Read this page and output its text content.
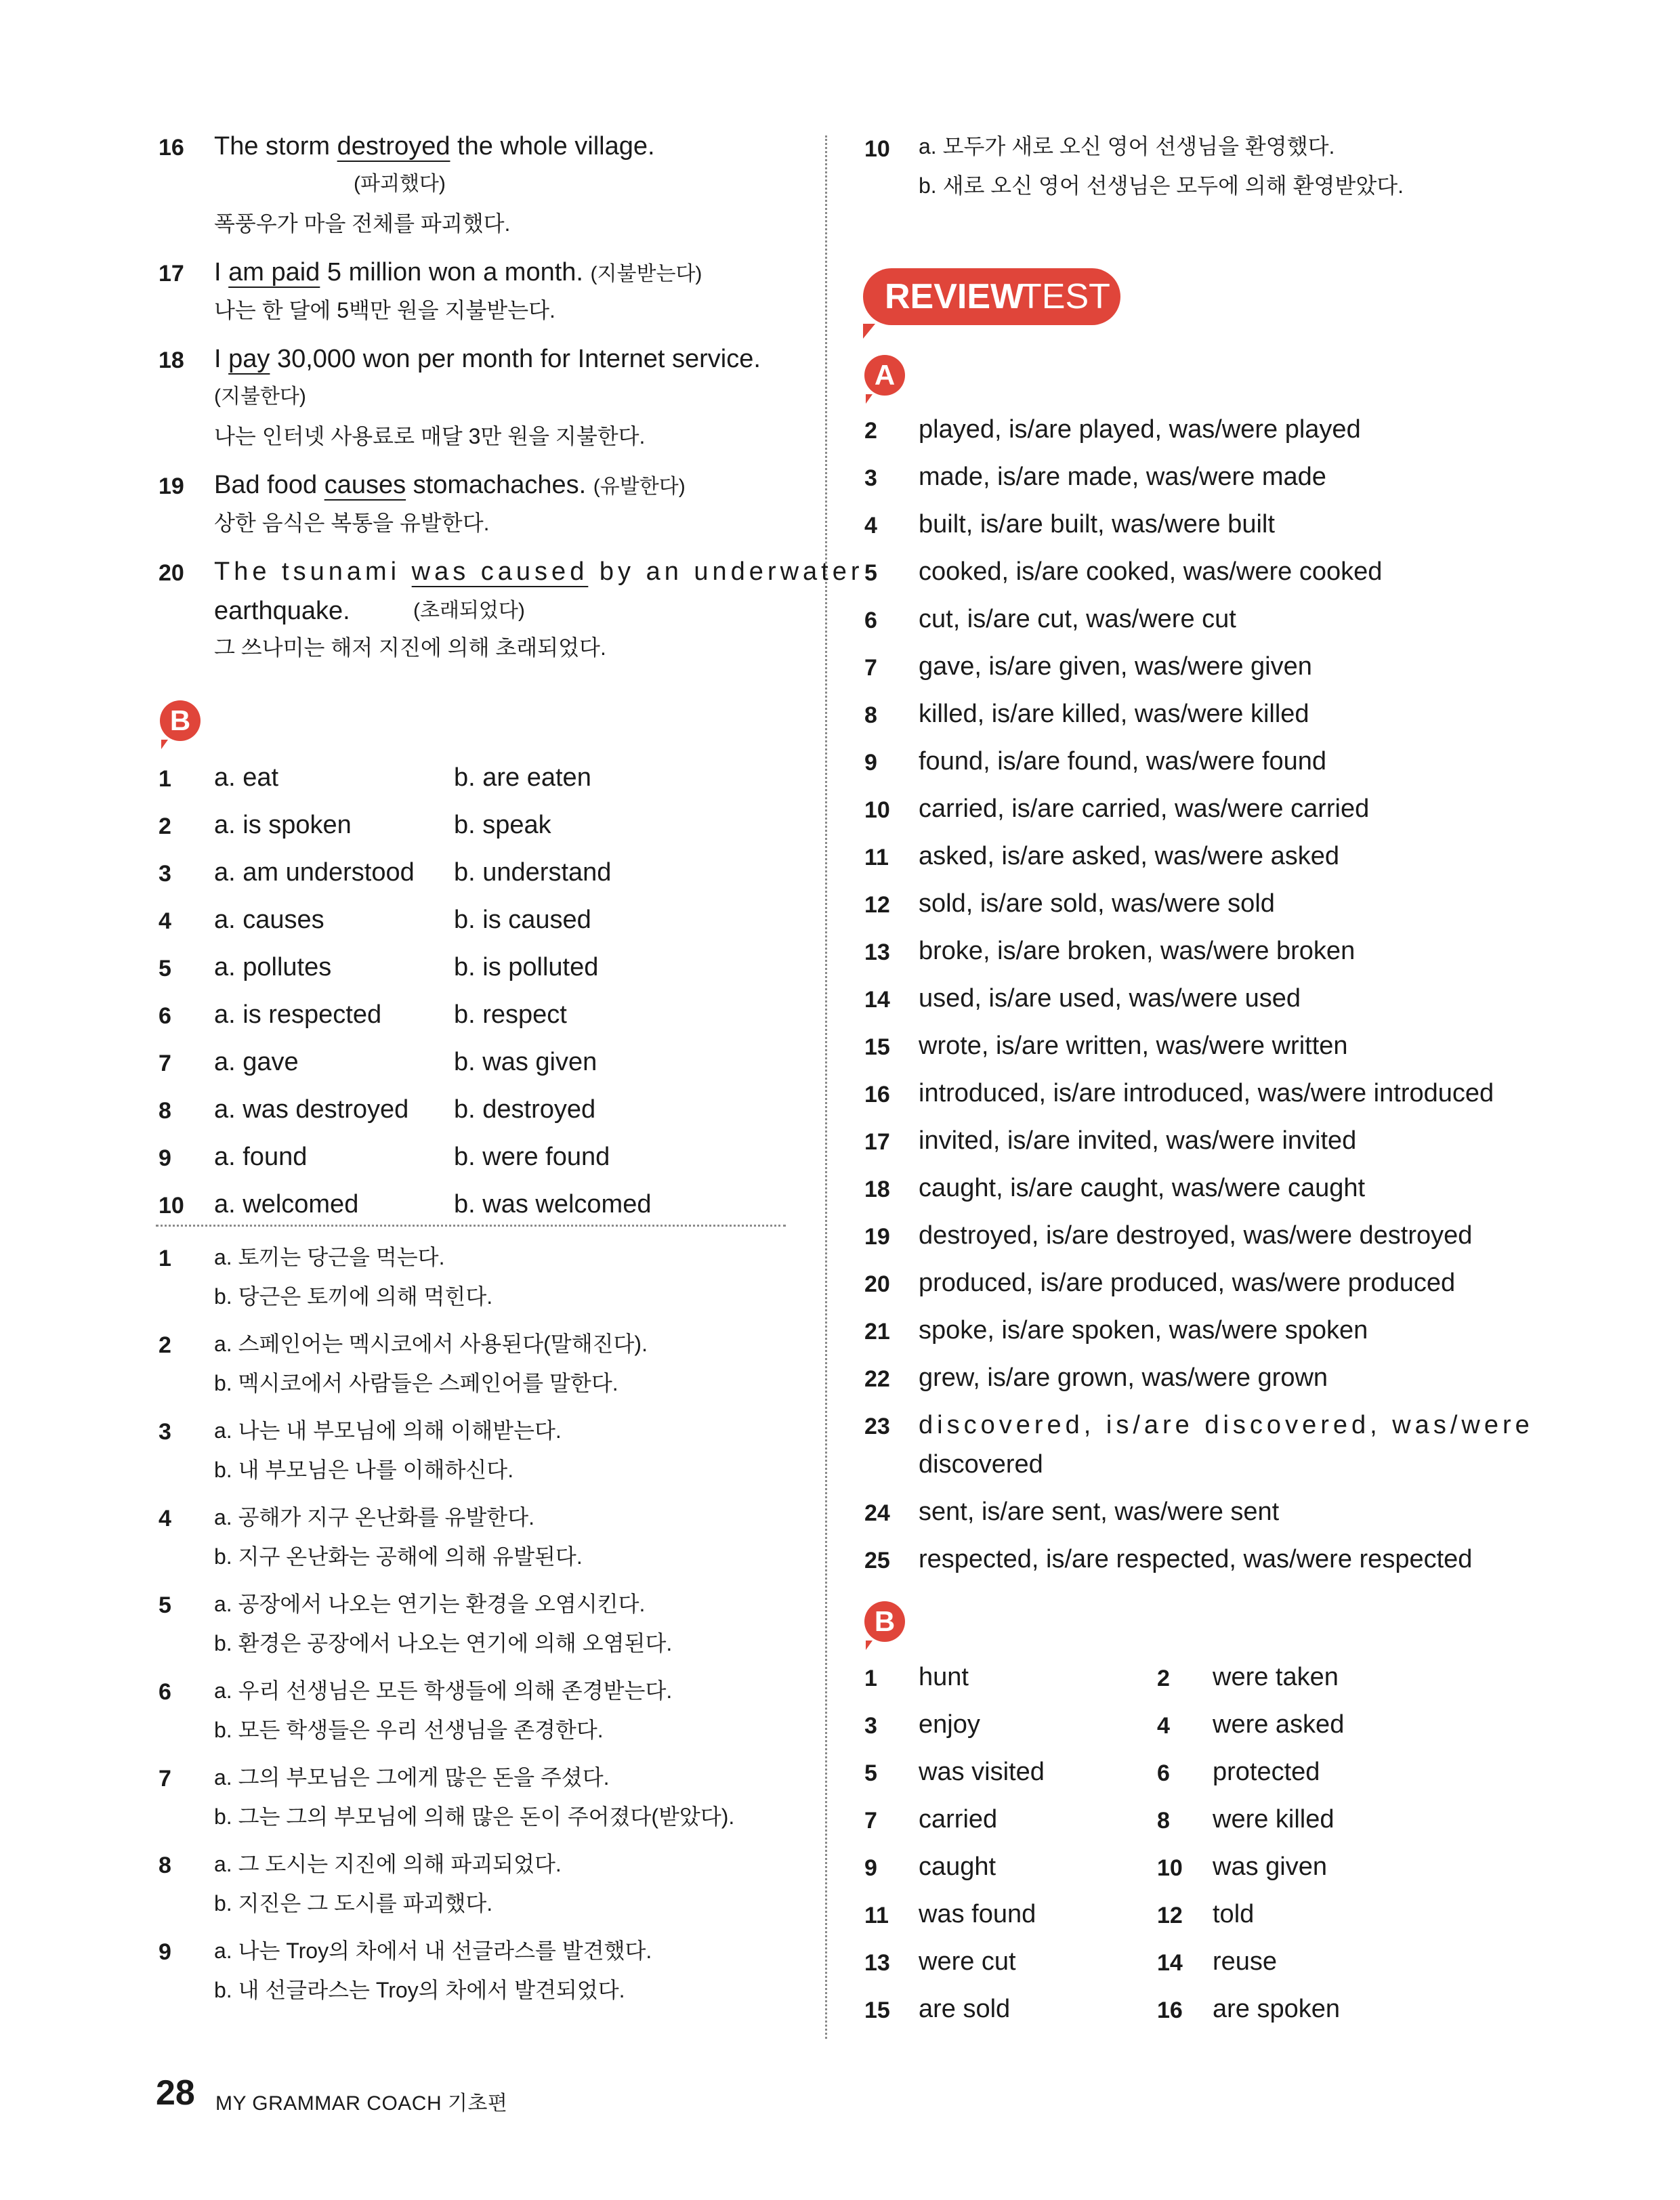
16 The storm destroyed the whole village.
(파괴했다)
폭풍우가 마을 전체를 파괴했다.
17 I am paid 5 million won a month. (지불받는다)
나는 한 달에 5백만 원을 지불받는다.
18 I pay 30,000 won per month for Internet service.
(지불한다)
나는 인터넷 사용료로 매달 3만 원을 지불한다.
19 Bad food causes stomachaches. (유발한다)
상한 음식은 복통을 유발한다.
20 The tsunami was caused by an underwater
earthquake.	(초래되었다)
그 쓰나미는 해저 지진에 의해 초래되었다.
B
1 a. eat	b. are eaten
2 a. is spoken	b. speak
3 a. am understood b. understand
4 a. causes	b. is caused
5 a. pollutes	b. is polluted
6 a. is respected	b. respect
7 a. gave	b. was given
8 a. was destroyed b. destroyed
9 a. found	b. were found
10 a. welcomed	b. was welcomed
1 a. 토끼는 당근을 먹는다.
b. 당근은 토끼에 의해 먹힌다.
2 a. 스페인어는 멕시코에서 사용된다(말해진다).
b. 멕시코에서 사람들은 스페인어를 말한다.
3 a. 나는 내 부모님에 의해 이해받는다.
b. 내 부모님은 나를 이해하신다.
4 a. 공해가 지구 온난화를 유발한다.
b. 지구 온난화는 공해에 의해 유발된다.
5 a. 공장에서 나오는 연기는 환경을 오염시킨다.
b. 환경은 공장에서 나오는 연기에 의해 오염된다.
6 a. 우리 선생님은 모든 학생들에 의해 존경받는다.
b. 모든 학생들은 우리 선생님을 존경한다.
7 a. 그의 부모님은 그에게 많은 돈을 주셨다.
b. 그는 그의 부모님에 의해 많은 돈이 주어졌다(받았다).
8 a. 그 도시는 지진에 의해 파괴되었다.
b. 지진은 그 도시를 파괴했다.
9 a. 나는 Troy의 차에서 내 선글라스를 발견했다.
b. 내 선글라스는 Troy의 차에서 발견되었다.
10 a. 모두가 새로 오신 영어 선생님을 환영했다.
b. 새로 오신 영어 선생님은 모두에 의해 환영받았다.
REVIEW
TEST
A
2 played, is/are played, was/were played
3 made, is/are made, was/were made
4 built, is/are built, was/were built
5 cooked, is/are cooked, was/were cooked
6 cut, is/are cut, was/were cut
7 gave, is/are given, was/were given
8 killed, is/are killed, was/were killed
9 found, is/are found, was/were found
10 carried, is/are carried, was/were carried
11 asked, is/are asked, was/were asked
12 sold, is/are sold, was/were sold
13 broke, is/are broken, was/were broken
14 used, is/are used, was/were used
15 wrote, is/are written, was/were written
16 introduced, is/are introduced, was/were introduced
17 invited, is/are invited, was/were invited
18 caught, is/are caught, was/were caught
19 destroyed, is/are destroyed, was/were destroyed
20 produced, is/are produced, was/were produced
21 spoke, is/are spoken, was/were spoken
22 grew, is/are grown, was/were grown
23 discovered, is/are discovered, was/were
discovered
24 sent, is/are sent, was/were sent
25 respected, is/are respected, was/were respected
B
1 hunt	2 were taken
3 enjoy	4 were asked
5 was visited	6 protected
7 carried	8 were killed
9 caught	10 was given
11 was found	12 told
13 were cut	14 reuse
15 are sold	16 are spoken
28 MY GRAMMAR COACH 기초편
